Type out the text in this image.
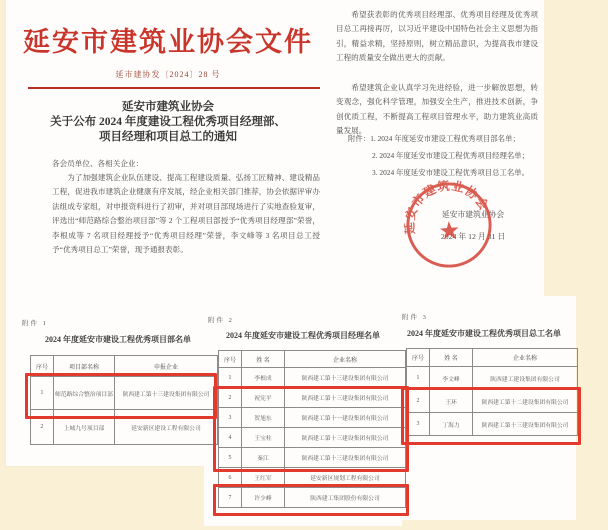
延安市建筑业协会文件
延市建协发〔2024〕28 号
延安市建筑业协会
关于公布 2024 年度建设工程优秀项目经理部、
项目经理和项目总工的通知
各会员单位、各相关企业：
为了加强建筑企业队伍建设、提高工程建设质量、弘扬工匠精神、建设精品工程，促进我市建筑企业健康有序发展，经企业相关部门推荐，协会依据评审办法组成专家组，对申报资料进行了初审，并对项目部现场进行了实地查验复审，评选出“师范路综合整治项目部”等 2 个工程项目部授予“优秀项目经理部”荣誉，李根成等 7 名项目经理授予“优秀项目经理”荣誉，李文峰等 3 名项目总工授予“优秀项目总工”荣誉，现予通报表彰。
希望获表彰的优秀项目经理部、优秀项目经理及优秀项目总工再接再厉，以习近平建设中国特色社会主义思想为指引，精益求精，坚持原则，树立精品意识，为提高我市建设工程的质量安全做出更大的贡献。
希望建筑企业认真学习先进经验，进一步解放思想，转变观念，强化科学管理，加强安全生产，推进技术创新，争创优质工程，不断提高工程项目管理水平，助力建筑业高质量发展。
附件：1. 2024 年度延安市建设工程优秀项目部名单；
2. 2024 年度延安市建设工程优秀项目经理名单；
3. 2024 年度延安市建设工程优秀项目总工名单。
延安市建筑业协会
2024 年 12 月 31 日
延安市建筑业协会
附件 1
2024 年度延安市建设工程优秀项目部名单
序号	项目部名称	申报企业
1	师范路综合整治项目部	陕西建工第十三建设集团有限公司
2	上城九号项目部	延安新区建设工程有限公司
附件 2
2024 年度延安市建设工程优秀项目经理名单
序号	姓 名	企业名称
1	李根成	陕西建工第十三建设集团有限公司
2	祝宪平	陕西建工第十三建设集团有限公司
3	贺旭东	陕西建工第十一建设集团有限公司
4	王宝柱	陕西建工第十三建设集团有限公司
5	秦江	陕西建工第十三建设集团有限公司
6	王红军	延安新区规划工程有限公司
7	许少峰	陕西建工集团股份有限公司
附件 3
2024 年度延安市建设工程优秀项目总工名单
序号	姓 名	企业名称
1	李文峰	陕西建工建设集团有限公司
2	王环	陕西建工第十二建设集团有限公司
3	丁海力	陕西建工第十三建设集团有限公司
